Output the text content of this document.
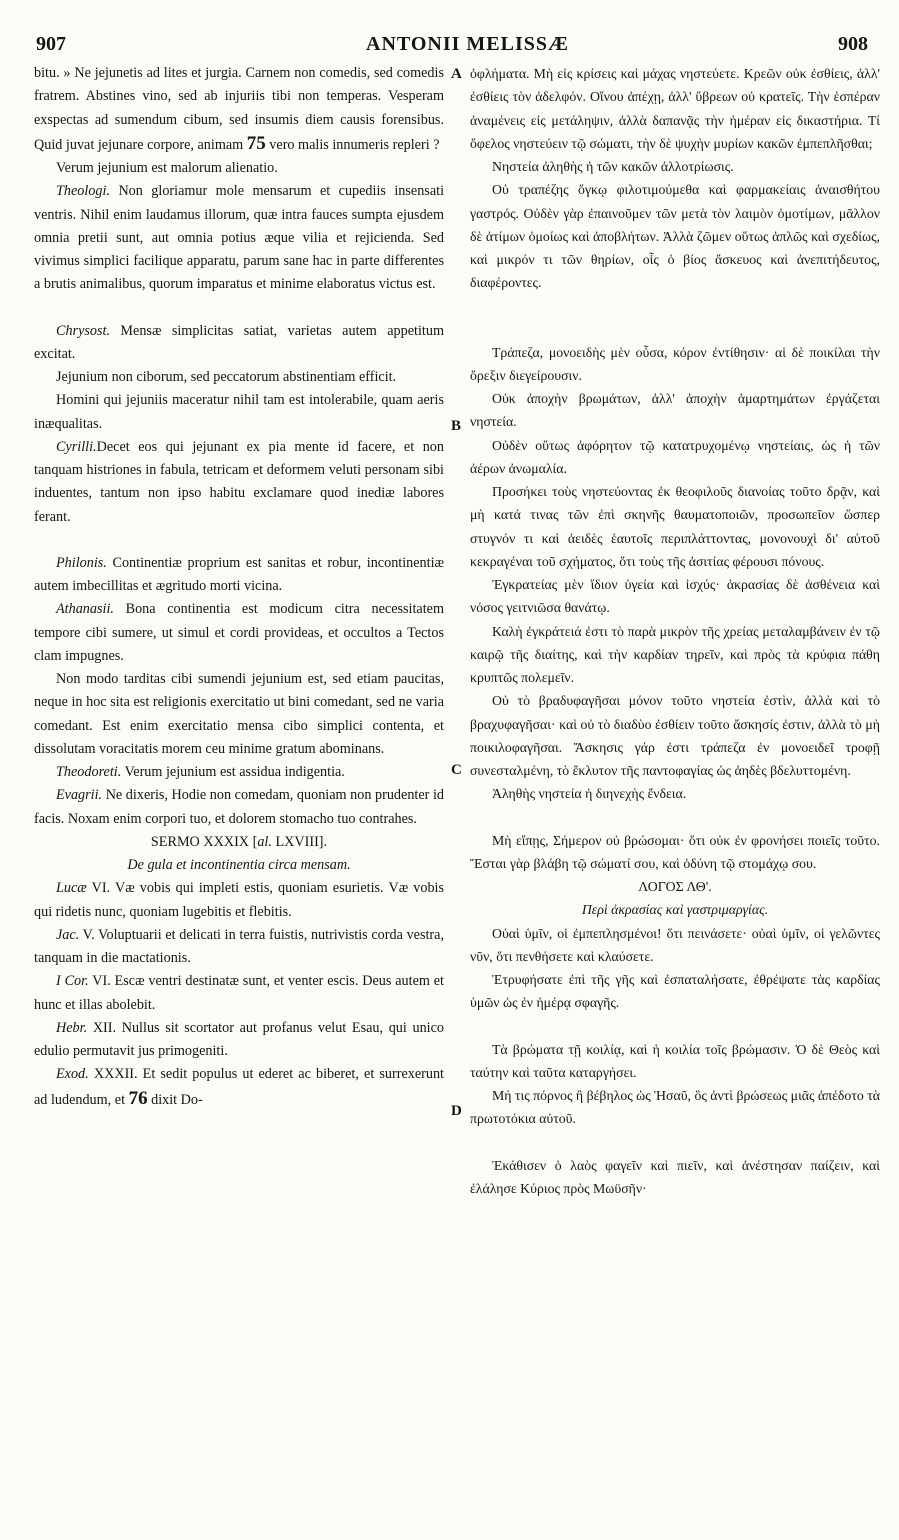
907	ANTONII MELISSÆ	908
A
B
C
D

bitu. » Ne jejunetis ad lites et jurgia. Carnem non comedis, sed comedis fratrem. Abstines vino, sed ab injuriis tibi non temperas. Vesperam exspectas ad sumendum cibum, sed insumis diem causis forensibus. Quid juvat jejunare corpore, animam 75 vero malis innumeris repleri ?

Verum jejunium est malorum alienatio.

Theologi. Non gloriamur mole mensarum et cupediis insensati ventris. Nihil enim laudamus illorum, quæ intra fauces sumpta ejusdem omnia pretii sunt, aut omnia potius æque vilia et rejicienda. Sed vivimus simplici facilique apparatu, parum sane hac in parte differentes a brutis animalibus, quorum imparatus et minime elaboratus victus est.

Chrysost. Mensæ simplicitas satiat, varietas autem appetitum excitat.

Jejunium non ciborum, sed peccatorum abstinentiam efficit.

Homini qui jejuniis maceratur nihil tam est intolerabile, quam aeris inæqualitas.

Cyrilli.Decet eos qui jejunant ex pia mente id facere, et non tanquam histriones in fabula, tetricam et deformem veluti personam sibi induentes, tantum non ipso habitu exclamare quod inediæ labores ferant.

Philonis. Continentiæ proprium est sanitas et robur, incontinentiæ autem imbecillitas et ægritudo morti vicina.

Athanasii. Bona continentia est modicum citra necessitatem tempore cibi sumere, ut simul et cordi provideas, et occultos a Tectos clam impugnes.

Non modo tarditas cibi sumendi jejunium est, sed etiam paucitas, neque in hoc sita est religionis exercitatio ut bini comedant, sed ne varia comedant. Est enim exercitatio mensa cibo simplici contenta, et dissolutam voracitatis morem ceu minime gratum abominans.

Theodoreti. Verum jejunium est assidua indigentia.

Evagrii. Ne dixeris, Hodie non comedam, quoniam non prudenter id facis. Noxam enim corpori tuo, et dolorem stomacho tuo contrahes.

SERMO XXXIX [al. LXVIII].

De gula et incontinentia circa mensam.

Lucæ VI. Væ vobis qui impleti estis, quoniam esurietis. Væ vobis qui ridetis nunc, quoniam lugebitis et flebitis.

Jac. V. Voluptuarii et delicati in terra fuistis, nutrivistis corda vestra, tanquam in die mactationis.

I Cor. VI. Escæ ventri destinatæ sunt, et venter escis. Deus autem et hunc et illas abolebit.

Hebr. XII. Nullus sit scortator aut profanus velut Esau, qui unico edulio permutavit jus primogeniti.

Exod. XXXII. Et sedit populus ut ederet ac biberet, et surrexerunt ad ludendum, et 76 dixit Do-

ὀφλήματα. Μὴ εἰς κρίσεις καὶ μάχας νηστεύετε. Κρεῶν οὐκ ἐσθίεις, ἀλλ' ἐσθίεις τὸν ἀδελφόν. Οἴνου ἀπέχῃ, ἀλλ' ὕβρεων οὐ κρατεῖς. Τὴν ἑσπέραν ἀναμένεις εἰς μετάληψιν, ἀλλὰ δαπανᾷς τὴν ἡμέραν εἰς δικαστήρια. Τί ὄφελος νηστεύειν τῷ σώματι, τὴν δὲ ψυχὴν μυρίων κακῶν ἐμπεπλῆσθαι;

Νηστεία ἀληθὴς ἡ τῶν κακῶν ἀλλοτρίωσις.

Οὐ τραπέζης ὄγκῳ φιλοτιμούμεθα καὶ φαρμακείαις ἀναισθήτου γαστρός. Οὐδὲν γὰρ ἐπαινοῦμεν τῶν μετὰ τὸν λαιμὸν ὁμοτίμων, μᾶλλον δὲ ἀτίμων ὁμοίως καὶ ἀποβλήτων. Ἀλλὰ ζῶμεν οὕτως ἁπλῶς καὶ σχεδίως, καὶ μικρόν τι τῶν θηρίων, οἷς ὁ βίος ἄσκευος καὶ ἀνεπιτήδευτος, διαφέροντες.

Τράπεζα, μονοειδὴς μὲν οὖσα, κόρον ἐντίθησιν· αἱ δὲ ποικίλαι τὴν ὄρεξιν διεγείρουσιν.

Οὐκ ἀποχὴν βρωμάτων, ἀλλ' ἀποχὴν ἁμαρτημάτων ἐργάζεται νηστεία.

Οὐδὲν οὕτως ἀφόρητον τῷ κατατρυχομένῳ νηστείαις, ὡς ἡ τῶν ἀέρων ἀνωμαλία.

Προσήκει τοὺς νηστεύοντας ἐκ θεοφιλοῦς διανοίας τοῦτο δρᾷν, καὶ μὴ κατά τινας τῶν ἐπὶ σκηνῆς θαυματοποιῶν, προσωπεῖον ὥσπερ στυγνόν τι καὶ ἀειδὲς ἑαυτοῖς περιπλάττοντας, μονονουχὶ δι' αὐτοῦ κεκραγέναι τοῦ σχήματος, ὅτι τοὺς τῆς ἀσιτίας φέρουσι πόνους.

Ἐγκρατείας μὲν ἴδιον ὑγεία καὶ ἰσχύς· ἀκρασίας δὲ ἀσθένεια καὶ νόσος γειτνιῶσα θανάτῳ.

Καλὴ ἐγκράτειά ἐστι τὸ παρὰ μικρὸν τῆς χρείας μεταλαμβάνειν ἐν τῷ καιρῷ τῆς διαίτης, καὶ τὴν καρδίαν τηρεῖν, καὶ πρὸς τὰ κρύφια πάθη κρυπτῶς πολεμεῖν.

Οὐ τὸ βραδυφαγῆσαι μόνον τοῦτο νηστεία ἐστὶν, ἀλλὰ καὶ τὸ βραχυφαγῆσαι· καὶ οὐ τὸ διαδὺο ἐσθίειν τοῦτο ἄσκησίς ἐστιν, ἀλλὰ τὸ μὴ ποικιλοφαγῆσαι. Ἄσκησις γάρ ἐστι τράπεζα ἐν μονοειδεῖ τροφῇ συνεσταλμένη, τὸ ἔκλυτον τῆς παντοφαγίας ὡς ἀηδὲς βδελυττομένη.

Ἀληθὴς νηστεία ἡ διηνεχὴς ἔνδεια.

Μὴ εἴπῃς, Σήμερον οὐ βρώσομαι· ὅτι οὐκ ἐν φρονήσει ποιεῖς τοῦτο. Ἔσται γὰρ βλάβη τῷ σώματί σου, καὶ ὀδύνη τῷ στομάχῳ σου.

ΛΟΓΟΣ ΛΘ'.

Περὶ ἀκρασίας καὶ γαστριμαργίας.

Οὐαὶ ὑμῖν, οἱ ἐμπεπλησμένοι! ὅτι πεινάσετε· οὐαὶ ὑμῖν, οἱ γελῶντες νῦν, ὅτι πενθήσετε καὶ κλαύσετε.

Ἐτρυφήσατε ἐπὶ τῆς γῆς καὶ ἐσπαταλήσατε, ἐθρέψατε τὰς καρδίας ὑμῶν ὡς ἐν ἡμέρᾳ σφαγῆς.

Τὰ βρώματα τῇ κοιλίᾳ, καὶ ἡ κοιλία τοῖς βρώμασιν. Ὁ δὲ Θεὸς καὶ ταύτην καὶ ταῦτα καταργήσει.

Μή τις πόρνος ἢ βέβηλος ὡς Ἡσαῦ, ὃς ἀντὶ βρώσεως μιᾶς ἀπέδοτο τὰ πρωτοτόκια αὐτοῦ.

Ἐκάθισεν ὁ λαὸς φαγεῖν καὶ πιεῖν, καὶ ἀνέστησαν παίζειν, καὶ ἐλάλησε Κύριος πρὸς Μωϋσῆν·
